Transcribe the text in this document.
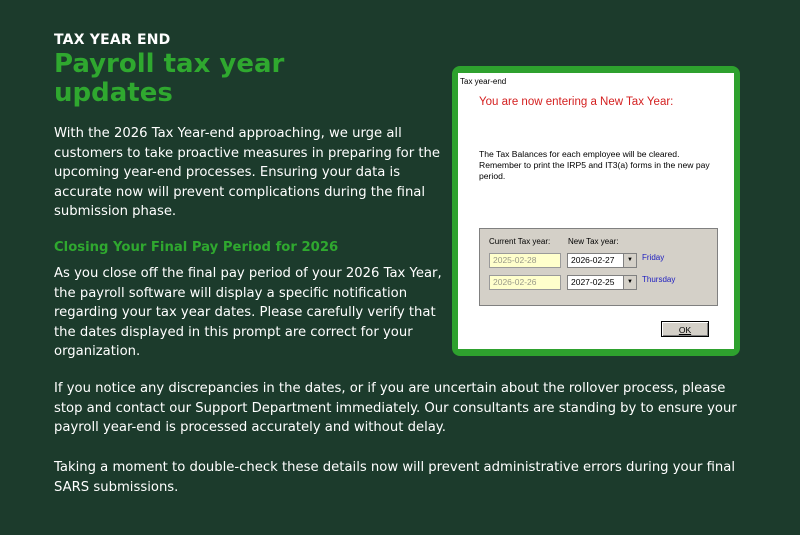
TAX YEAR END
Payroll tax year updates
With the 2026 Tax Year-end approaching, we urge all customers to take proactive measures in preparing for the upcoming year-end processes. Ensuring your data is accurate now will prevent complications during the final submission phase.
Closing Your Final Pay Period for 2026
As you close off the final pay period of your 2026 Tax Year, the payroll software will display a specific notification regarding your tax year dates. Please carefully verify that the dates displayed in this prompt are correct for your organization.
Tax year-end
You are now entering a New Tax Year:
The Tax Balances for each employee will be cleared. Remember to print the IRP5 and IT3(a) forms in the new pay period.
Current Tax year: New Tax year:
2025-02-28	2026-02-27	▼	Friday
2026-02-26	2027-02-25	▼	Thursday
OK
If you notice any discrepancies in the dates, or if you are uncertain about the rollover process, please stop and contact our Support Department immediately. Our consultants are standing by to ensure your payroll year-end is processed accurately and without delay.
Taking a moment to double-check these details now will prevent administrative errors during your final SARS submissions.
